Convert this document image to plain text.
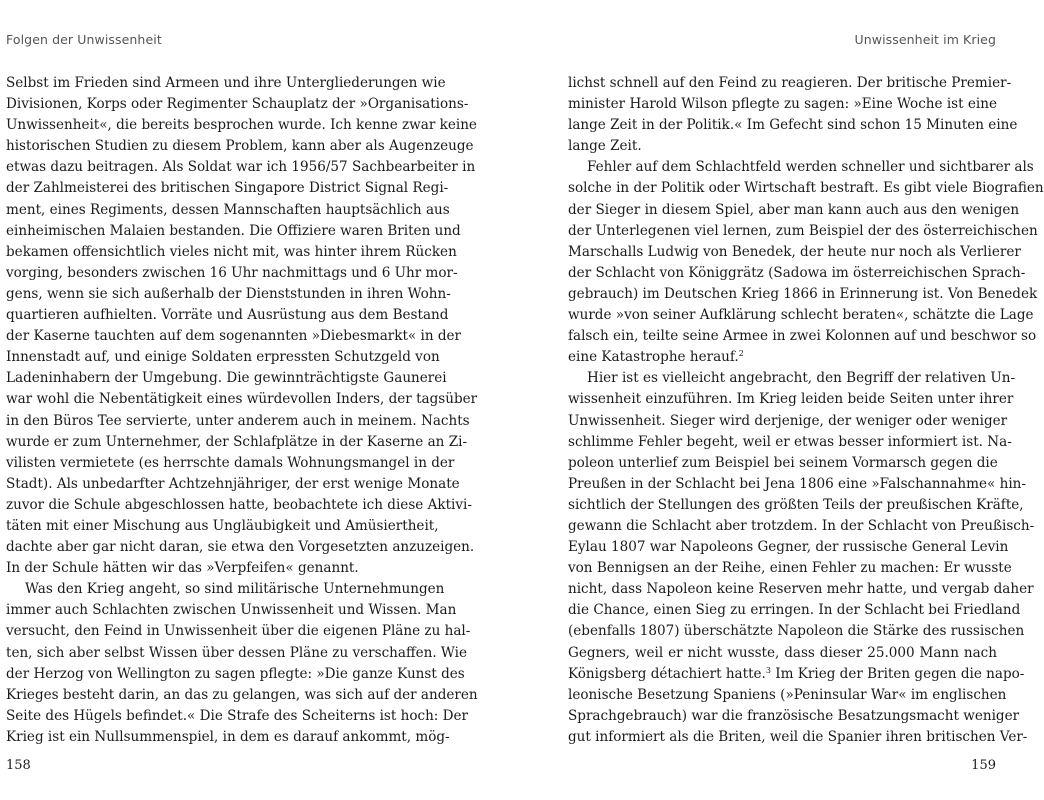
Folgen der Unwissenheit
Selbst im Frieden sind Armeen und ihre Untergliederungen wie
Divisionen, Korps oder Regimenter Schauplatz der »Organisations-
Unwissenheit«, die bereits besprochen wurde. Ich kenne zwar keine
historischen Studien zu diesem Problem, kann aber als Augenzeuge
etwas dazu beitragen. Als Soldat war ich 1956/57 Sachbearbeiter in
der Zahlmeisterei des britischen Singapore District Signal Regi-
ment, eines Regiments, dessen Mannschaften hauptsächlich aus
einheimischen Malaien bestanden. Die Offiziere waren Briten und
bekamen offensichtlich vieles nicht mit, was hinter ihrem Rücken
vorging, besonders zwischen 16 Uhr nachmittags und 6 Uhr mor-
gens, wenn sie sich außerhalb der Dienststunden in ihren Wohn-
quartieren aufhielten. Vorräte und Ausrüstung aus dem Bestand
der Kaserne tauchten auf dem sogenannten »Diebesmarkt« in der
Innenstadt auf, und einige Soldaten erpressten Schutzgeld von
Ladeninhabern der Umgebung. Die gewinnträchtigste Gaunerei
war wohl die Nebentätigkeit eines würdevollen Inders, der tagsüber
in den Büros Tee servierte, unter anderem auch in meinem. Nachts
wurde er zum Unternehmer, der Schlafplätze in der Kaserne an Zi-
vilisten vermietete (es herrschte damals Wohnungsmangel in der
Stadt). Als unbedarfter Achtzehnjähriger, der erst wenige Monate
zuvor die Schule abgeschlossen hatte, beobachtete ich diese Aktivi-
täten mit einer Mischung aus Ungläubigkeit und Amüsiertheit,
dachte aber gar nicht daran, sie etwa den Vorgesetzten anzuzeigen.
In der Schule hätten wir das »Verpfeifen« genannt.
Was den Krieg angeht, so sind militärische Unternehmungen
immer auch Schlachten zwischen Unwissenheit und Wissen. Man
versucht, den Feind in Unwissenheit über die eigenen Pläne zu hal-
ten, sich aber selbst Wissen über dessen Pläne zu verschaffen. Wie
der Herzog von Wellington zu sagen pflegte: »Die ganze Kunst des
Krieges besteht darin, an das zu gelangen, was sich auf der anderen
Seite des Hügels befindet.« Die Strafe des Scheiterns ist hoch: Der
Krieg ist ein Nullsummenspiel, in dem es darauf ankommt, mög-
158
Unwissenheit im Krieg
lichst schnell auf den Feind zu reagieren. Der britische Premier-
minister Harold Wilson pflegte zu sagen: »Eine Woche ist eine
lange Zeit in der Politik.« Im Gefecht sind schon 15 Minuten eine
lange Zeit.
Fehler auf dem Schlachtfeld werden schneller und sichtbarer als
solche in der Politik oder Wirtschaft bestraft. Es gibt viele Biografien
der Sieger in diesem Spiel, aber man kann auch aus den wenigen
der Unterlegenen viel lernen, zum Beispiel der des österreichischen
Marschalls Ludwig von Benedek, der heute nur noch als Verlierer
der Schlacht von Königgrätz (Sadowa im österreichischen Sprach-
gebrauch) im Deutschen Krieg 1866 in Erinnerung ist. Von Benedek
wurde »von seiner Aufklärung schlecht beraten«, schätzte die Lage
falsch ein, teilte seine Armee in zwei Kolonnen auf und beschwor so
eine Katastrophe herauf.$^2$
Hier ist es vielleicht angebracht, den Begriff der relativen Un-
wissenheit einzuführen. Im Krieg leiden beide Seiten unter ihrer
Unwissenheit. Sieger wird derjenige, der weniger oder weniger
schlimme Fehler begeht, weil er etwas besser informiert ist. Na-
poleon unterlief zum Beispiel bei seinem Vormarsch gegen die
Preußen in der Schlacht bei Jena 1806 eine »Falschannahme« hin-
sichtlich der Stellungen des größten Teils der preußischen Kräfte,
gewann die Schlacht aber trotzdem. In der Schlacht von Preußisch-
Eylau 1807 war Napoleons Gegner, der russische General Levin
von Bennigsen an der Reihe, einen Fehler zu machen: Er wusste
nicht, dass Napoleon keine Reserven mehr hatte, und vergab daher
die Chance, einen Sieg zu erringen. In der Schlacht bei Friedland
(ebenfalls 1807) überschätzte Napoleon die Stärke des russischen
Gegners, weil er nicht wusste, dass dieser 25.000 Mann nach
Königsberg détachiert hatte.$^3$ Im Krieg der Briten gegen die napo-
leonische Besetzung Spaniens (»Peninsular War« im englischen
Sprachgebrauch) war die französische Besatzungsmacht weniger
gut informiert als die Briten, weil die Spanier ihren britischen Ver-
159
